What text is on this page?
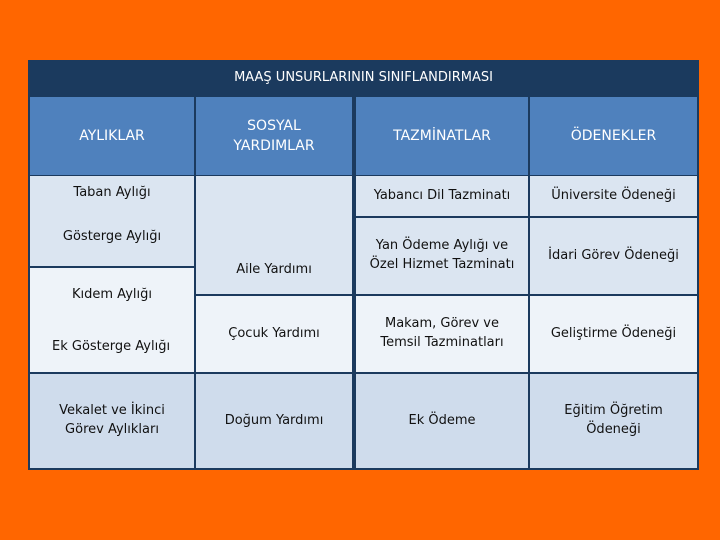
MAAŞ UNSURLARININ SINIFLANDIRMASI
AYLIKLAR
SOSYAL YARDIMLAR
TAZMİNATLAR	ÖDENEKLER
Taban Aylığı
Gösterge Aylığı
Kıdem Aylığı
Ek Gösterge Aylığı
Vekalet ve İkinci Görev Aylıkları
Aile Yardımı
Çocuk Yardımı
Doğum Yardımı
Yabancı Dil Tazminatı
Yan Ödeme Aylığı ve Özel Hizmet Tazminatı
Makam, Görev ve Temsil Tazminatları
Ek Ödeme
Üniversite Ödeneği
İdari Görev Ödeneği
Geliştirme Ödeneği
Eğitim Öğretim Ödeneği
